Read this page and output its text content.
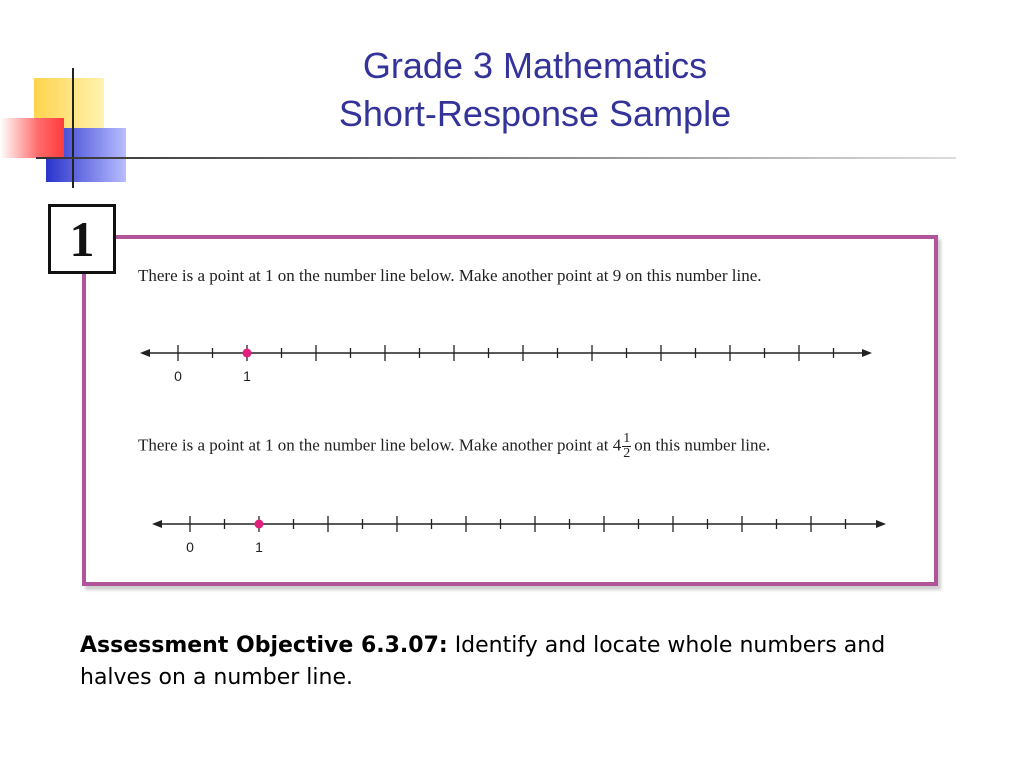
Grade 3 Mathematics
Short-Response Sample
1
There is a point at 1 on the number line below. Make another point at 9 on this number line.
There is a point at 1 on the number line below. Make another point at $4 \frac{1}{2}$ on this number line.
0	1
0	1
Assessment Objective 6.3.07: Identify and locate whole numbers and halves on a number line.
